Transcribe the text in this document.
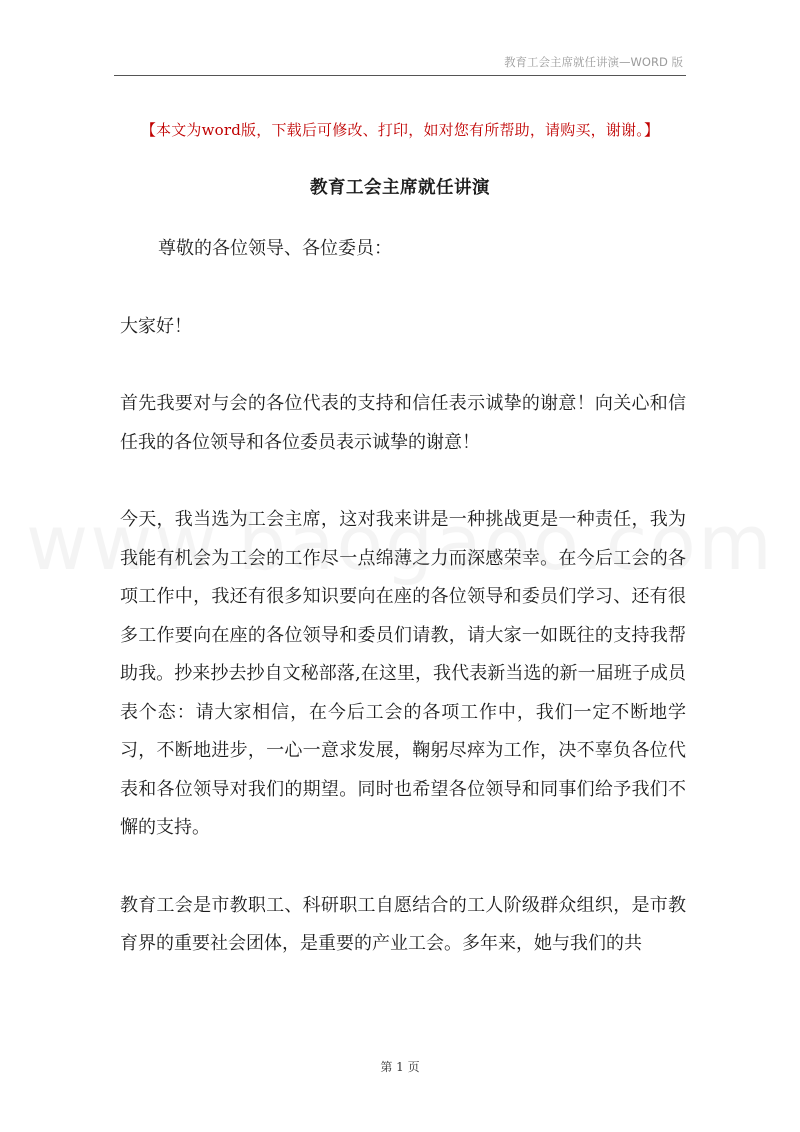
教育工会主席就任讲演—WORD 版
【本文为word版，下载后可修改、打印，如对您有所帮助，请购买，谢谢。】
教育工会主席就任讲演

尊敬的各位领导、各位委员：

大家好！

首先我要对与会的各位代表的支持和信任表示诚挚的谢意！向关心和信任我的各位领导和各位委员表示诚挚的谢意！

今天，我当选为工会主席，这对我来讲是一种挑战更是一种责任，我为我能有机会为工会的工作尽一点绵薄之力而深感荣幸。在今后工会的各项工作中，我还有很多知识要向在座的各位领导和委员们学习、还有很多工作要向在座的各位领导和委员们请教，请大家一如既往的支持我帮助我。抄来抄去抄自文秘部落,在这里，我代表新当选的新一届班子成员表个态：请大家相信，在今后工会的各项工作中，我们一定不断地学习，不断地进步，一心一意求发展，鞠躬尽瘁为工作，决不辜负各位代表和各位领导对我们的期望。同时也希望各位领导和同事们给予我们不懈的支持。

教育工会是市教职工、科研职工自愿结合的工人阶级群众组织，是市教育界的重要社会团体，是重要的产业工会。多年来，她与我们的共

第 1 页
